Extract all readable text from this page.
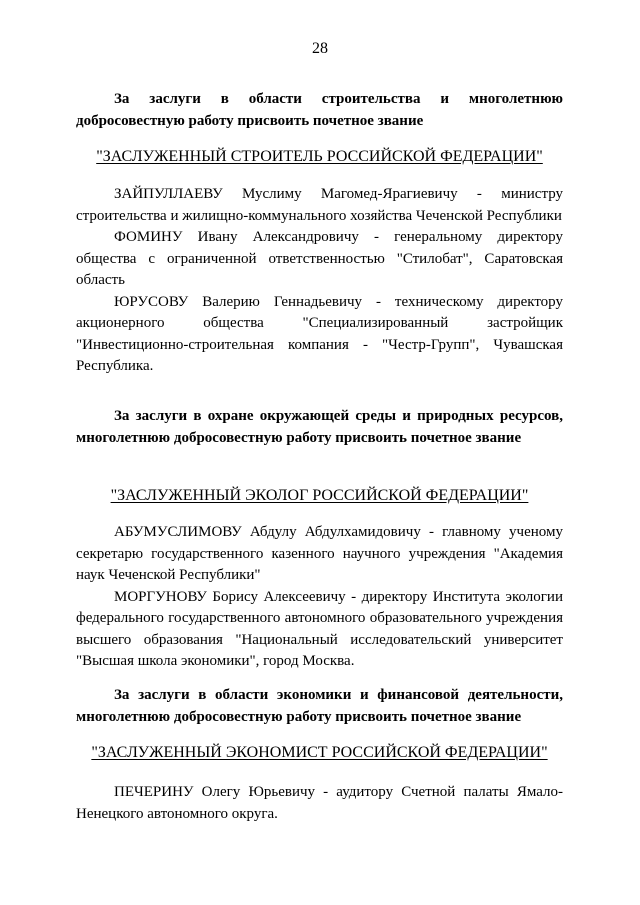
28

За заслуги в области строительства и многолетнюю добросовестную работу присвоить почетное звание

"ЗАСЛУЖЕННЫЙ СТРОИТЕЛЬ РОССИЙСКОЙ ФЕДЕРАЦИИ"

ЗАЙПУЛЛАЕВУ Муслиму Магомед-Ярагиевичу - министру строительства и жилищно-коммунального хозяйства Чеченской Республики

ФОМИНУ Ивану Александровичу - генеральному директору общества с ограниченной ответственностью "Стилобат", Саратовская область

ЮРУСОВУ Валерию Геннадьевичу - техническому директору акционерного общества "Специализированный застройщик "Инвестиционно-строительная компания - "Честр-Групп", Чувашская Республика.

За заслуги в охране окружающей среды и природных ресурсов, многолетнюю добросовестную работу присвоить почетное звание

"ЗАСЛУЖЕННЫЙ ЭКОЛОГ РОССИЙСКОЙ ФЕДЕРАЦИИ"

АБУМУСЛИМОВУ Абдулу Абдулхамидовичу - главному ученому секретарю государственного казенного научного учреждения "Академия наук Чеченской Республики"

МОРГУНОВУ Борису Алексеевичу - директору Института экологии федерального государственного автономного образовательного учреждения высшего образования "Национальный исследовательский университет "Высшая школа экономики", город Москва.

За заслуги в области экономики и финансовой деятельности, многолетнюю добросовестную работу присвоить почетное звание

"ЗАСЛУЖЕННЫЙ ЭКОНОМИСТ РОССИЙСКОЙ ФЕДЕРАЦИИ"

ПЕЧЕРИНУ Олегу Юрьевичу - аудитору Счетной палаты Ямало-Ненецкого автономного округа.
